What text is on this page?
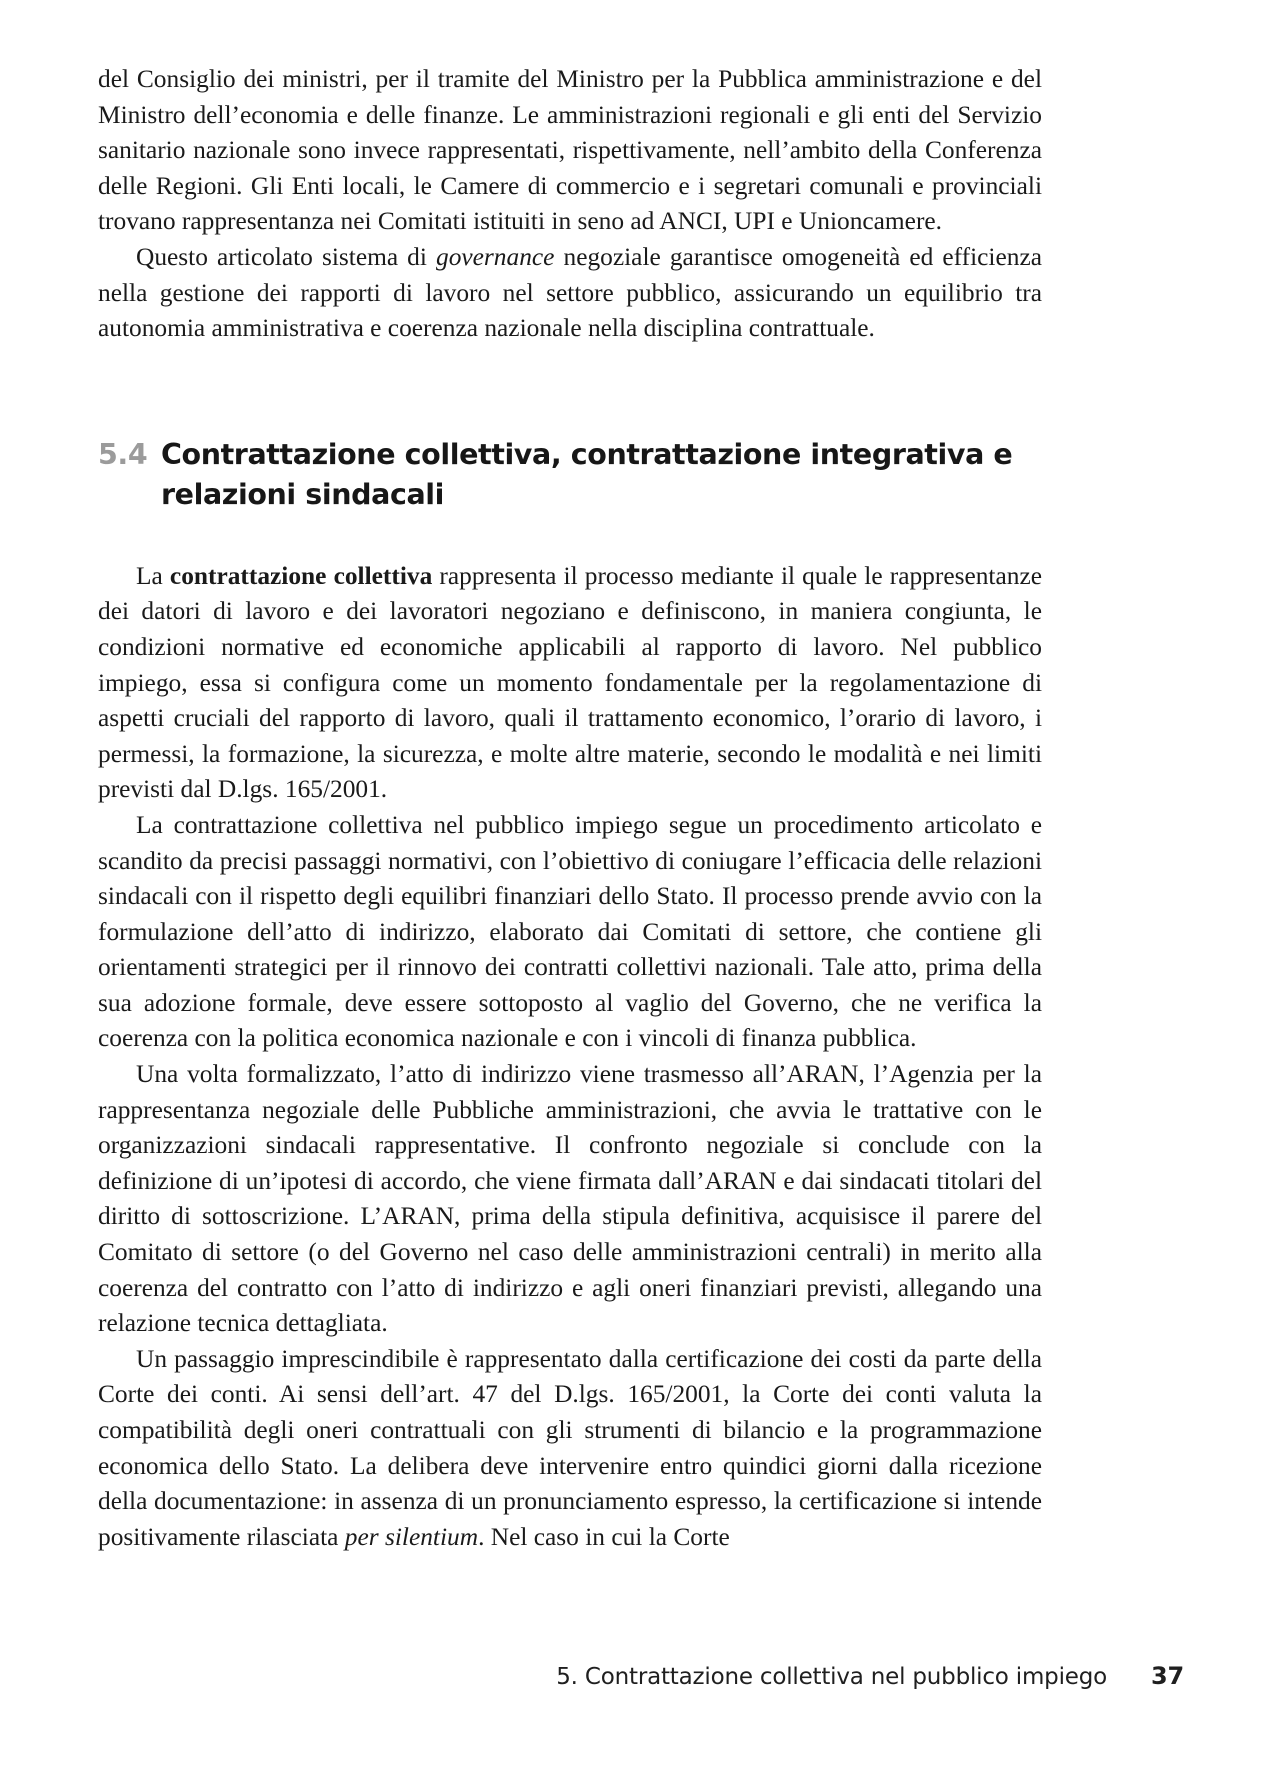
del Consiglio dei ministri, per il tramite del Ministro per la Pubblica amministrazione e del Ministro dell’economia e delle finanze. Le amministrazioni regionali e gli enti del Servizio sanitario nazionale sono invece rappresentati, rispettivamente, nell’ambito della Conferenza delle Regioni. Gli Enti locali, le Camere di commercio e i segretari comunali e provinciali trovano rappresentanza nei Comitati istituiti in seno ad ANCI, UPI e Unioncamere.

Questo articolato sistema di governance negoziale garantisce omogeneità ed efficienza nella gestione dei rapporti di lavoro nel settore pubblico, assicurando un equilibrio tra autonomia amministrativa e coerenza nazionale nella disciplina contrattuale.

5.4 Contrattazione collettiva, contrattazione integrativa e relazioni sindacali

La contrattazione collettiva rappresenta il processo mediante il quale le rappresentanze dei datori di lavoro e dei lavoratori negoziano e definiscono, in maniera congiunta, le condizioni normative ed economiche applicabili al rapporto di lavoro. Nel pubblico impiego, essa si configura come un momento fondamentale per la regolamentazione di aspetti cruciali del rapporto di lavoro, quali il trattamento economico, l’orario di lavoro, i permessi, la formazione, la sicurezza, e molte altre materie, secondo le modalità e nei limiti previsti dal D.lgs. 165/2001.

La contrattazione collettiva nel pubblico impiego segue un procedimento articolato e scandito da precisi passaggi normativi, con l’obiettivo di coniugare l’efficacia delle relazioni sindacali con il rispetto degli equilibri finanziari dello Stato. Il processo prende avvio con la formulazione dell’atto di indirizzo, elaborato dai Comitati di settore, che contiene gli orientamenti strategici per il rinnovo dei contratti collettivi nazionali. Tale atto, prima della sua adozione formale, deve essere sottoposto al vaglio del Governo, che ne verifica la coerenza con la politica economica nazionale e con i vincoli di finanza pubblica.

Una volta formalizzato, l’atto di indirizzo viene trasmesso all’ARAN, l’Agenzia per la rappresentanza negoziale delle Pubbliche amministrazioni, che avvia le trattative con le organizzazioni sindacali rappresentative. Il confronto negoziale si conclude con la definizione di un’ipotesi di accordo, che viene firmata dall’ARAN e dai sindacati titolari del diritto di sottoscrizione. L’ARAN, prima della stipula definitiva, acquisisce il parere del Comitato di settore (o del Governo nel caso delle amministrazioni centrali) in merito alla coerenza del contratto con l’atto di indirizzo e agli oneri finanziari previsti, allegando una relazione tecnica dettagliata.

Un passaggio imprescindibile è rappresentato dalla certificazione dei costi da parte della Corte dei conti. Ai sensi dell’art. 47 del D.lgs. 165/2001, la Corte dei conti valuta la compatibilità degli oneri contrattuali con gli strumenti di bilancio e la programmazione economica dello Stato. La delibera deve intervenire entro quindici giorni dalla ricezione della documentazione: in assenza di un pronunciamento espresso, la certificazione si intende positivamente rilasciata per silentium. Nel caso in cui la Corte

5. Contrattazione collettiva nel pubblico impiego 37
